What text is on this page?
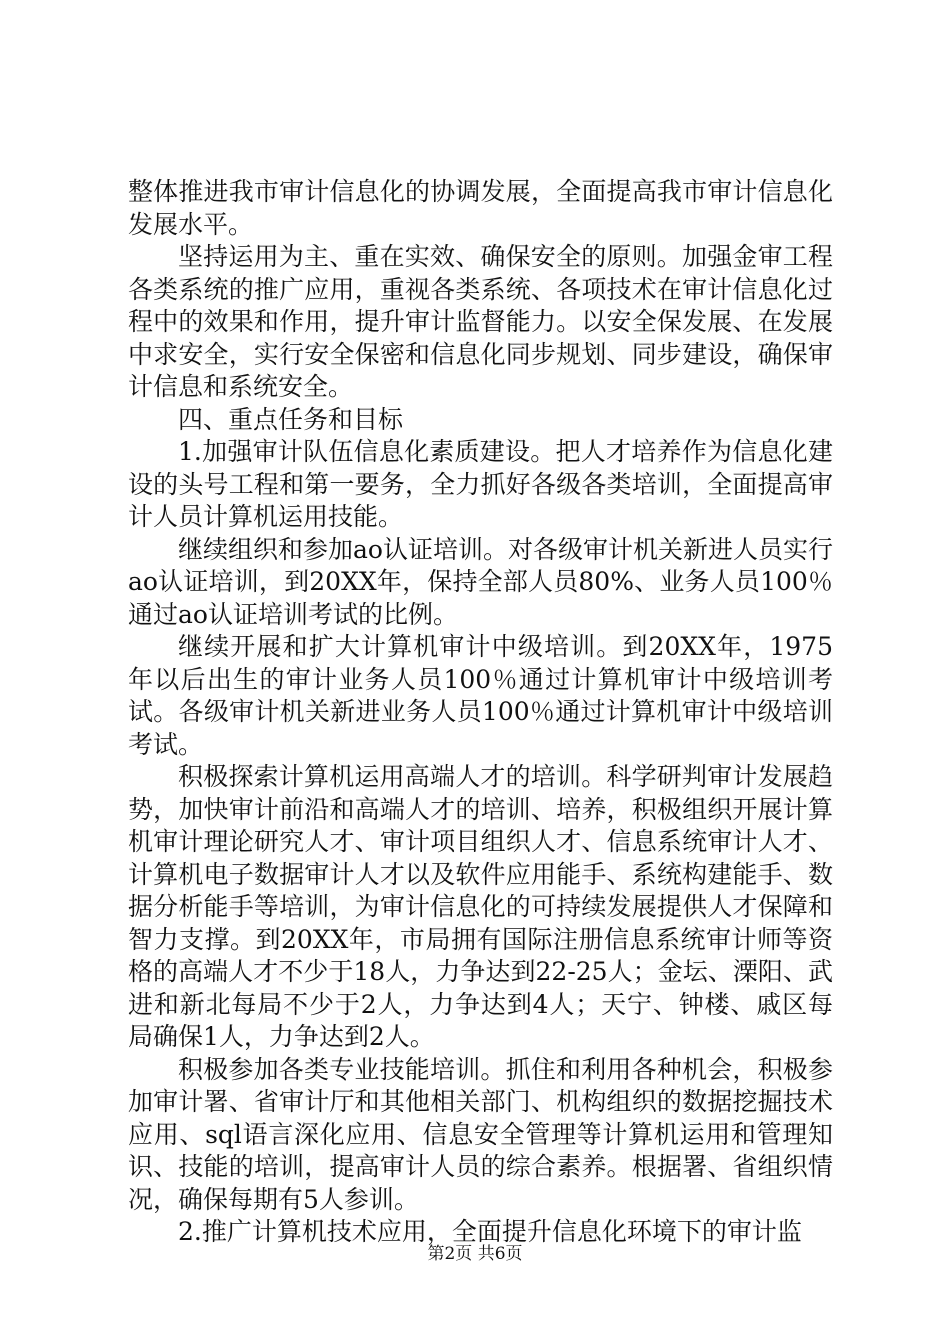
整体推进我市审计信息化的协调发展，全面提高我市审计信息化发展水平。

坚持运用为主、重在实效、确保安全的原则。加强金审工程各类系统的推广应用，重视各类系统、各项技术在审计信息化过程中的效果和作用，提升审计监督能力。以安全保发展、在发展中求安全，实行安全保密和信息化同步规划、同步建设，确保审计信息和系统安全。

四、重点任务和目标

1.加强审计队伍信息化素质建设。把人才培养作为信息化建设的头号工程和第一要务，全力抓好各级各类培训，全面提高审计人员计算机运用技能。

继续组织和参加ao认证培训。对各级审计机关新进人员实行ao认证培训，到20XX年，保持全部人员80%、业务人员100％通过ao认证培训考试的比例。

继续开展和扩大计算机审计中级培训。到20XX年，1975年以后出生的审计业务人员100％通过计算机审计中级培训考试。各级审计机关新进业务人员100％通过计算机审计中级培训考试。

积极探索计算机运用高端人才的培训。科学研判审计发展趋势，加快审计前沿和高端人才的培训、培养，积极组织开展计算机审计理论研究人才、审计项目组织人才、信息系统审计人才、计算机电子数据审计人才以及软件应用能手、系统构建能手、数据分析能手等培训，为审计信息化的可持续发展提供人才保障和智力支撑。到20XX年，市局拥有国际注册信息系统审计师等资格的高端人才不少于18人，力争达到22-25人；金坛、溧阳、武进和新北每局不少于2人，力争达到4人；天宁、钟楼、戚区每局确保1人，力争达到2人。

积极参加各类专业技能培训。抓住和利用各种机会，积极参加审计署、省审计厅和其他相关部门、机构组织的数据挖掘技术应用、sql语言深化应用、信息安全管理等计算机运用和管理知识、技能的培训，提高审计人员的综合素养。根据署、省组织情况，确保每期有5人参训。

2.推广计算机技术应用，全面提升信息化环境下的审计监

第2页 共6页
